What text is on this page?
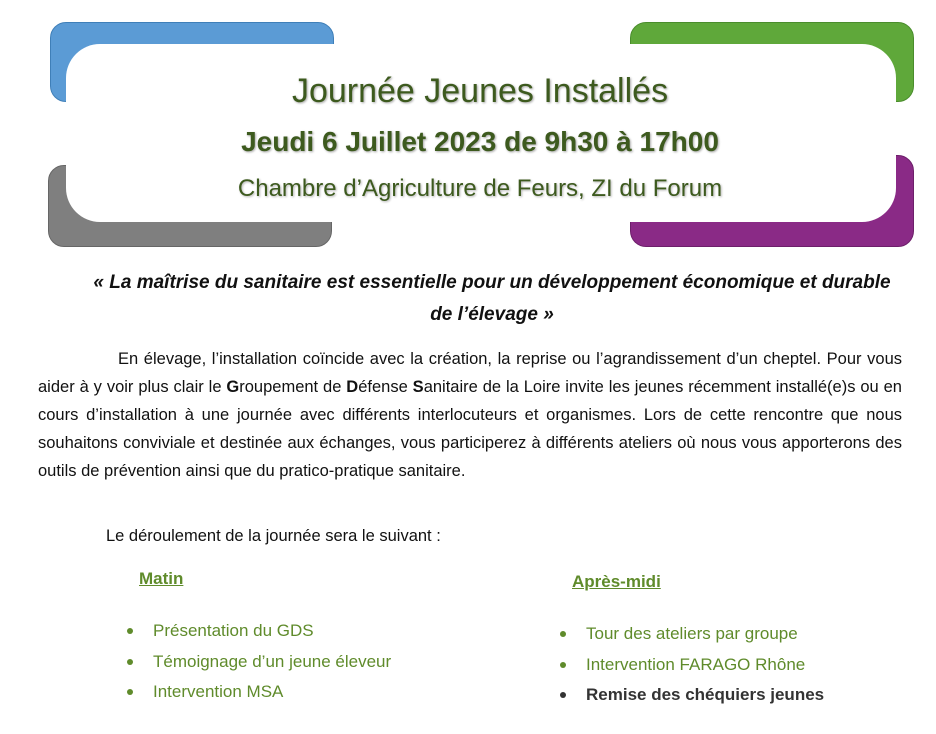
Journée Jeunes Installés
Jeudi 6 Juillet 2023 de 9h30 à 17h00
Chambre d’Agriculture de Feurs, ZI du Forum
« La maîtrise du sanitaire est essentielle pour un développement économique et durable de l’élevage »
En élevage, l’installation coïncide avec la création, la reprise ou l’agrandissement d’un cheptel. Pour vous aider à y voir plus clair le Groupement de Défense Sanitaire de la Loire invite les jeunes récemment installé(e)s ou en cours d’installation à une journée avec différents interlocuteurs et organismes. Lors de cette rencontre que nous souhaitons conviviale et destinée aux échanges, vous participerez à différents ateliers où nous vous apporterons des outils de prévention ainsi que du pratico-pratique sanitaire.
Le déroulement de la journée sera le suivant :
Matin
Présentation du GDS
Témoignage d’un jeune éleveur
Intervention MSA
Après-midi
Tour des ateliers par groupe
Intervention FARAGO Rhône
Remise des chéquiers jeunes
